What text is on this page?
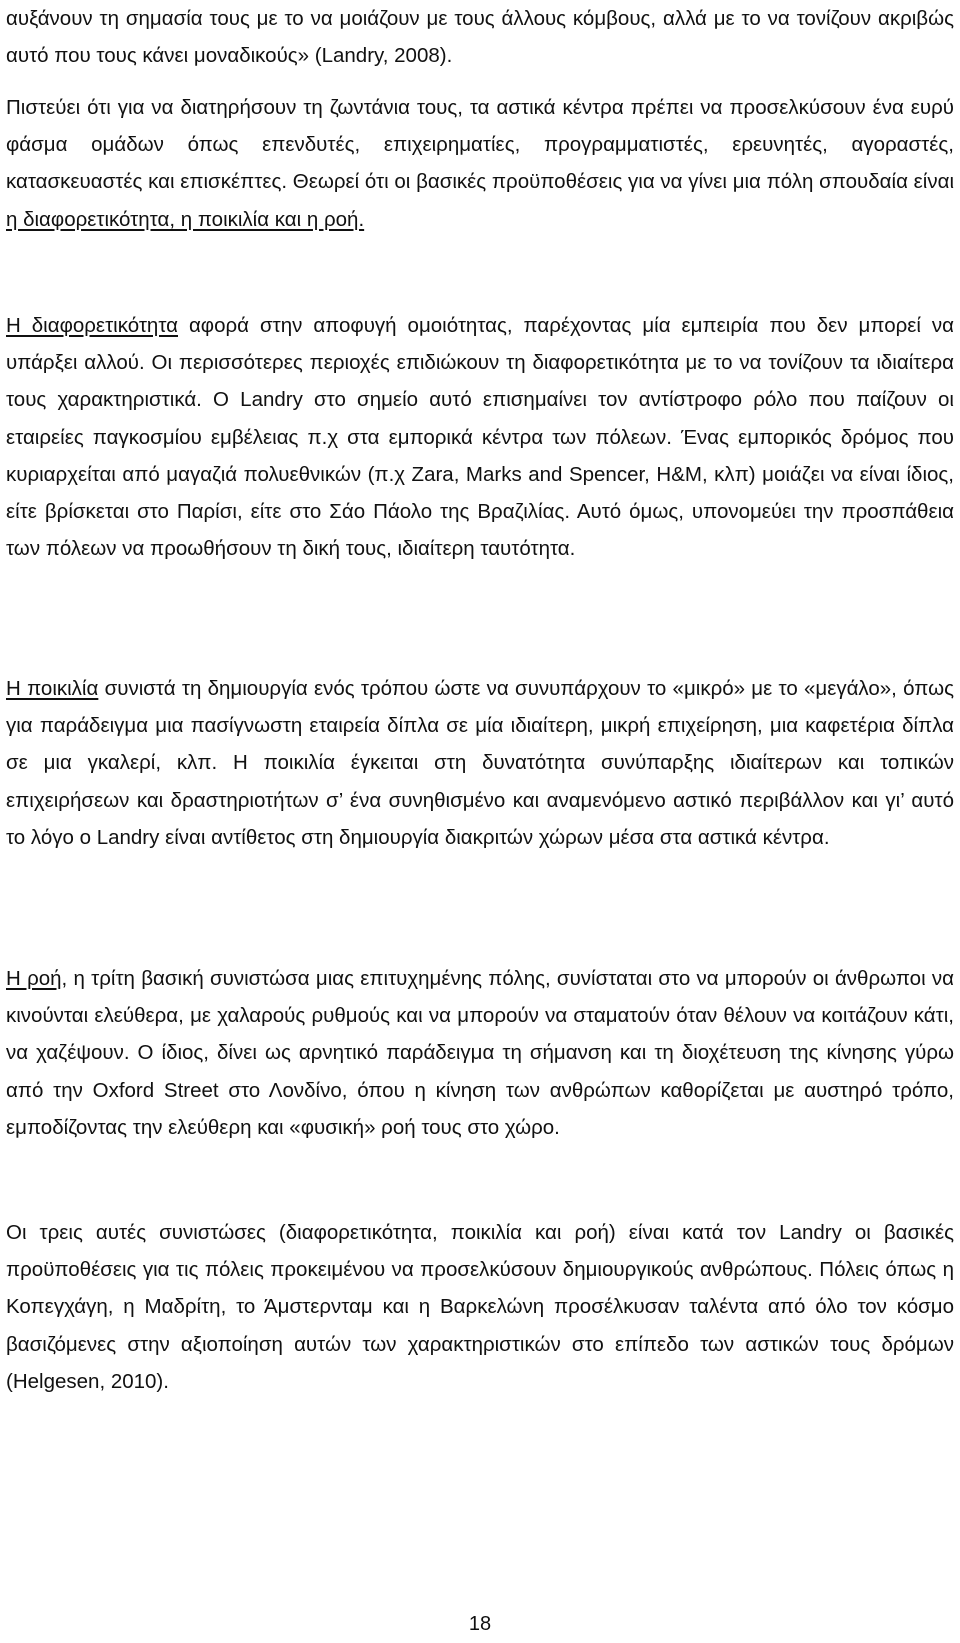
αυξάνουν τη σημασία τους με το να μοιάζουν με τους άλλους κόμβους, αλλά με το να τονίζουν ακριβώς αυτό που τους κάνει μοναδικούς» (Landry, 2008).

Πιστεύει ότι για να διατηρήσουν τη ζωντάνια τους, τα αστικά κέντρα πρέπει να προσελκύσουν ένα ευρύ φάσμα ομάδων όπως επενδυτές, επιχειρηματίες, προγραμματιστές, ερευνητές, αγοραστές, κατασκευαστές και επισκέπτες. Θεωρεί ότι οι βασικές προϋποθέσεις για να γίνει μια πόλη σπουδαία είναι η διαφορετικότητα, η ποικιλία και η ροή.

Η διαφορετικότητα αφορά στην αποφυγή ομοιότητας, παρέχοντας μία εμπειρία που δεν μπορεί να υπάρξει αλλού. Οι περισσότερες περιοχές επιδιώκουν τη διαφορετικότητα με το να τονίζουν τα ιδιαίτερα τους χαρακτηριστικά. Ο Landry στο σημείο αυτό επισημαίνει τον αντίστροφο ρόλο που παίζουν οι εταιρείες παγκοσμίου εμβέλειας π.χ στα εμπορικά κέντρα των πόλεων. Ένας εμπορικός δρόμος που κυριαρχείται από μαγαζιά πολυεθνικών (π.χ Zara, Marks and Spencer, H&M, κλπ) μοιάζει να είναι ίδιος, είτε βρίσκεται στο Παρίσι, είτε στο Σάο Πάολο της Βραζιλίας. Αυτό όμως, υπονομεύει την προσπάθεια των πόλεων να προωθήσουν τη δική τους, ιδιαίτερη ταυτότητα.

Η ποικιλία συνιστά τη δημιουργία ενός τρόπου ώστε να συνυπάρχουν το «μικρό» με το «μεγάλο», όπως για παράδειγμα μια πασίγνωστη εταιρεία δίπλα σε μία ιδιαίτερη, μικρή επιχείρηση, μια καφετέρια δίπλα σε μια γκαλερί, κλπ. Η ποικιλία έγκειται στη δυνατότητα συνύπαρξης ιδιαίτερων και τοπικών επιχειρήσεων και δραστηριοτήτων σ’ ένα συνηθισμένο και αναμενόμενο αστικό περιβάλλον και γι’ αυτό το λόγο ο Landry είναι αντίθετος στη δημιουργία διακριτών χώρων μέσα στα αστικά κέντρα.

Η ροή, η τρίτη βασική συνιστώσα μιας επιτυχημένης πόλης, συνίσταται στο να μπορούν οι άνθρωποι να κινούνται ελεύθερα, με χαλαρούς ρυθμούς και να μπορούν να σταματούν όταν θέλουν να κοιτάζουν κάτι, να χαζέψουν. Ο ίδιος, δίνει ως αρνητικό παράδειγμα τη σήμανση και τη διοχέτευση της κίνησης γύρω από την Oxford Street στο Λονδίνο, όπου η κίνηση των ανθρώπων καθορίζεται με αυστηρό τρόπο, εμποδίζοντας την ελεύθερη και «φυσική» ροή τους στο χώρο.

Οι τρεις αυτές συνιστώσες (διαφορετικότητα, ποικιλία και ροή) είναι κατά τον Landry οι βασικές προϋποθέσεις για τις πόλεις προκειμένου να προσελκύσουν δημιουργικούς ανθρώπους. Πόλεις όπως η Κοπεγχάγη, η Μαδρίτη, το Άμστερνταμ και η Βαρκελώνη προσέλκυσαν ταλέντα από όλο τον κόσμο βασιζόμενες στην αξιοποίηση αυτών των χαρακτηριστικών στο επίπεδο των αστικών τους δρόμων (Helgesen, 2010).

18
